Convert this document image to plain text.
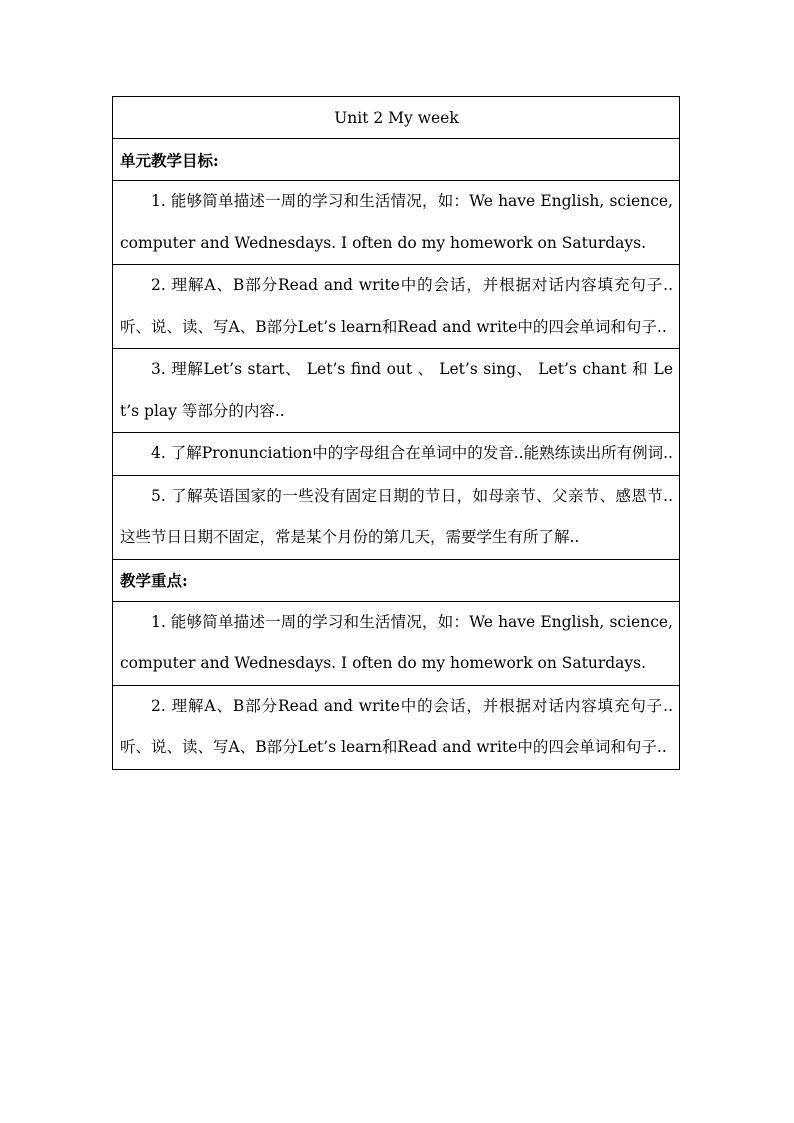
Unit 2 My week
单元教学目标:

1. 能够简单描述一周的学习和生活情况，如：We have English, science, computer and Wednesdays. I often do my homework on Saturdays.

2. 理解A、B部分Read and write中的会话，并根据对话内容填充句子..听、说、读、写A、B部分Let’s learn和Read and write中的四会单词和句子..

3. 理解Let’s start、 Let’s find out 、 Let’s sing、 Let’s chant 和 Let’s play 等部分的内容..

4. 了解Pronunciation中的字母组合在单词中的发音..能熟练读出所有例词..

5. 了解英语国家的一些没有固定日期的节日，如母亲节、父亲节、感恩节..这些节日日期不固定，常是某个月份的第几天，需要学生有所了解..

教学重点:

1. 能够简单描述一周的学习和生活情况，如：We have English, science, computer and Wednesdays. I often do my homework on Saturdays.

2. 理解A、B部分Read and write中的会话，并根据对话内容填充句子..听、说、读、写A、B部分Let’s learn和Read and write中的四会单词和句子..
